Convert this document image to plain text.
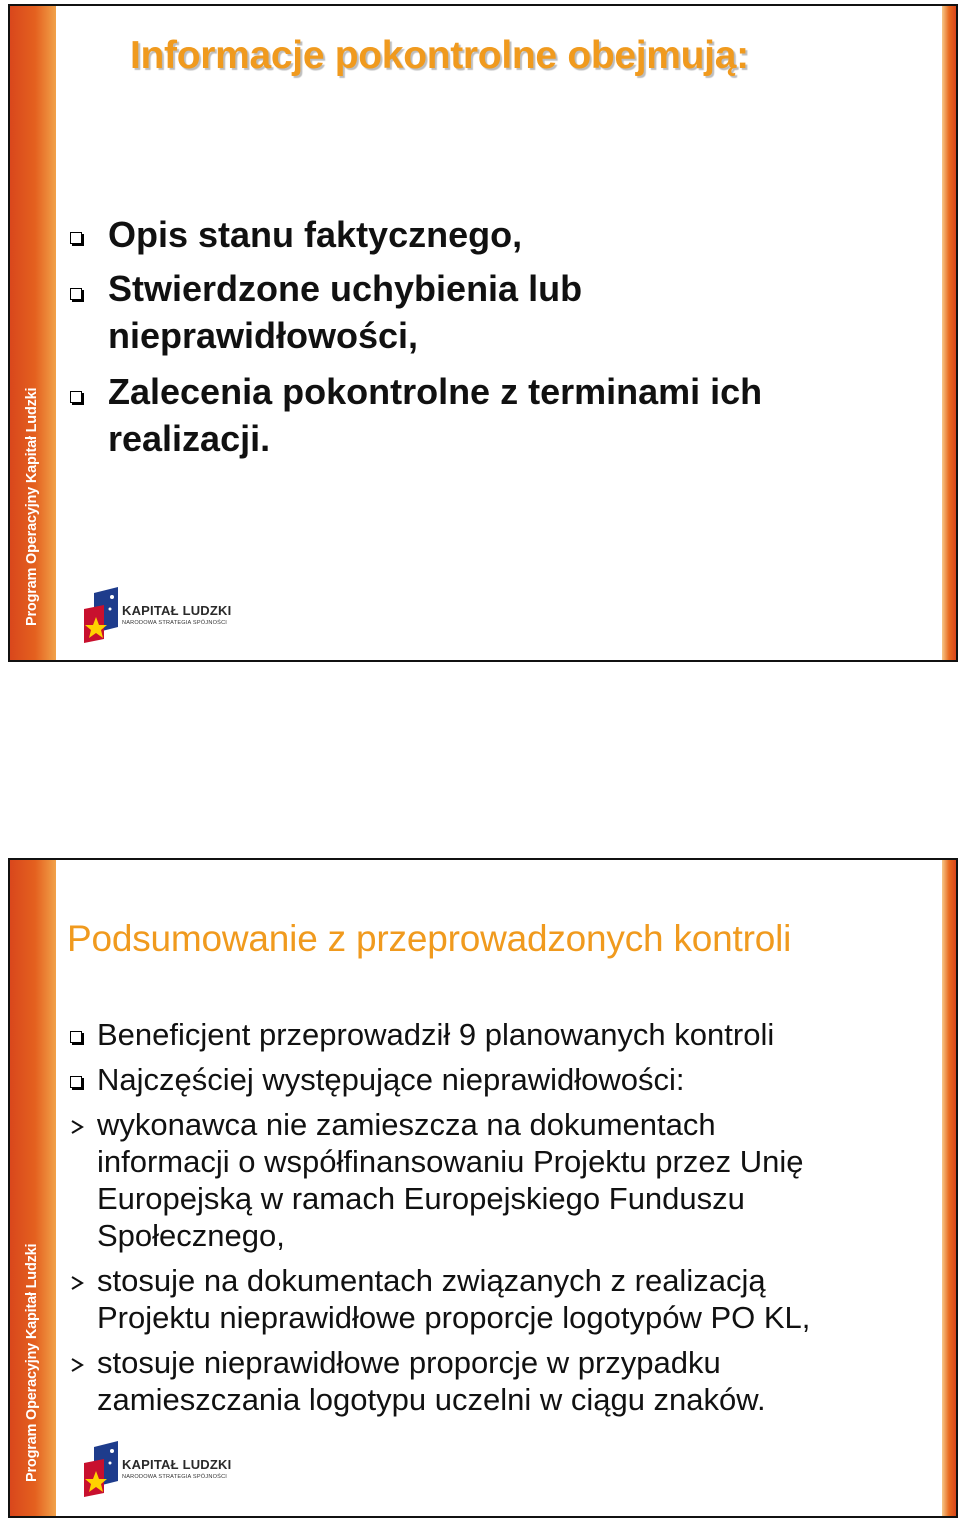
Program Operacyjny Kapitał Ludzki
Informacje pokontrolne obejmują:
Opis stanu faktycznego,
Stwierdzone uchybienia lub
nieprawidłowości,
Zalecenia pokontrolne z terminami ich
realizacji.
KAPITAŁ LUDZKI
NARODOWA STRATEGIA SPÓJNOŚCI
Program Operacyjny Kapitał Ludzki
Podsumowanie z przeprowadzonych kontroli
Beneficjent przeprowadził 9 planowanych kontroli
Najczęściej występujące nieprawidłowości:
wykonawca nie zamieszcza na dokumentach
informacji o współfinansowaniu Projektu przez Unię
Europejską w ramach Europejskiego Funduszu
Społecznego,
stosuje na dokumentach związanych z realizacją
Projektu nieprawidłowe proporcje logotypów PO KL,
stosuje nieprawidłowe proporcje w przypadku
zamieszczania logotypu uczelni w ciągu znaków.
KAPITAŁ LUDZKI
NARODOWA STRATEGIA SPÓJNOŚCI
